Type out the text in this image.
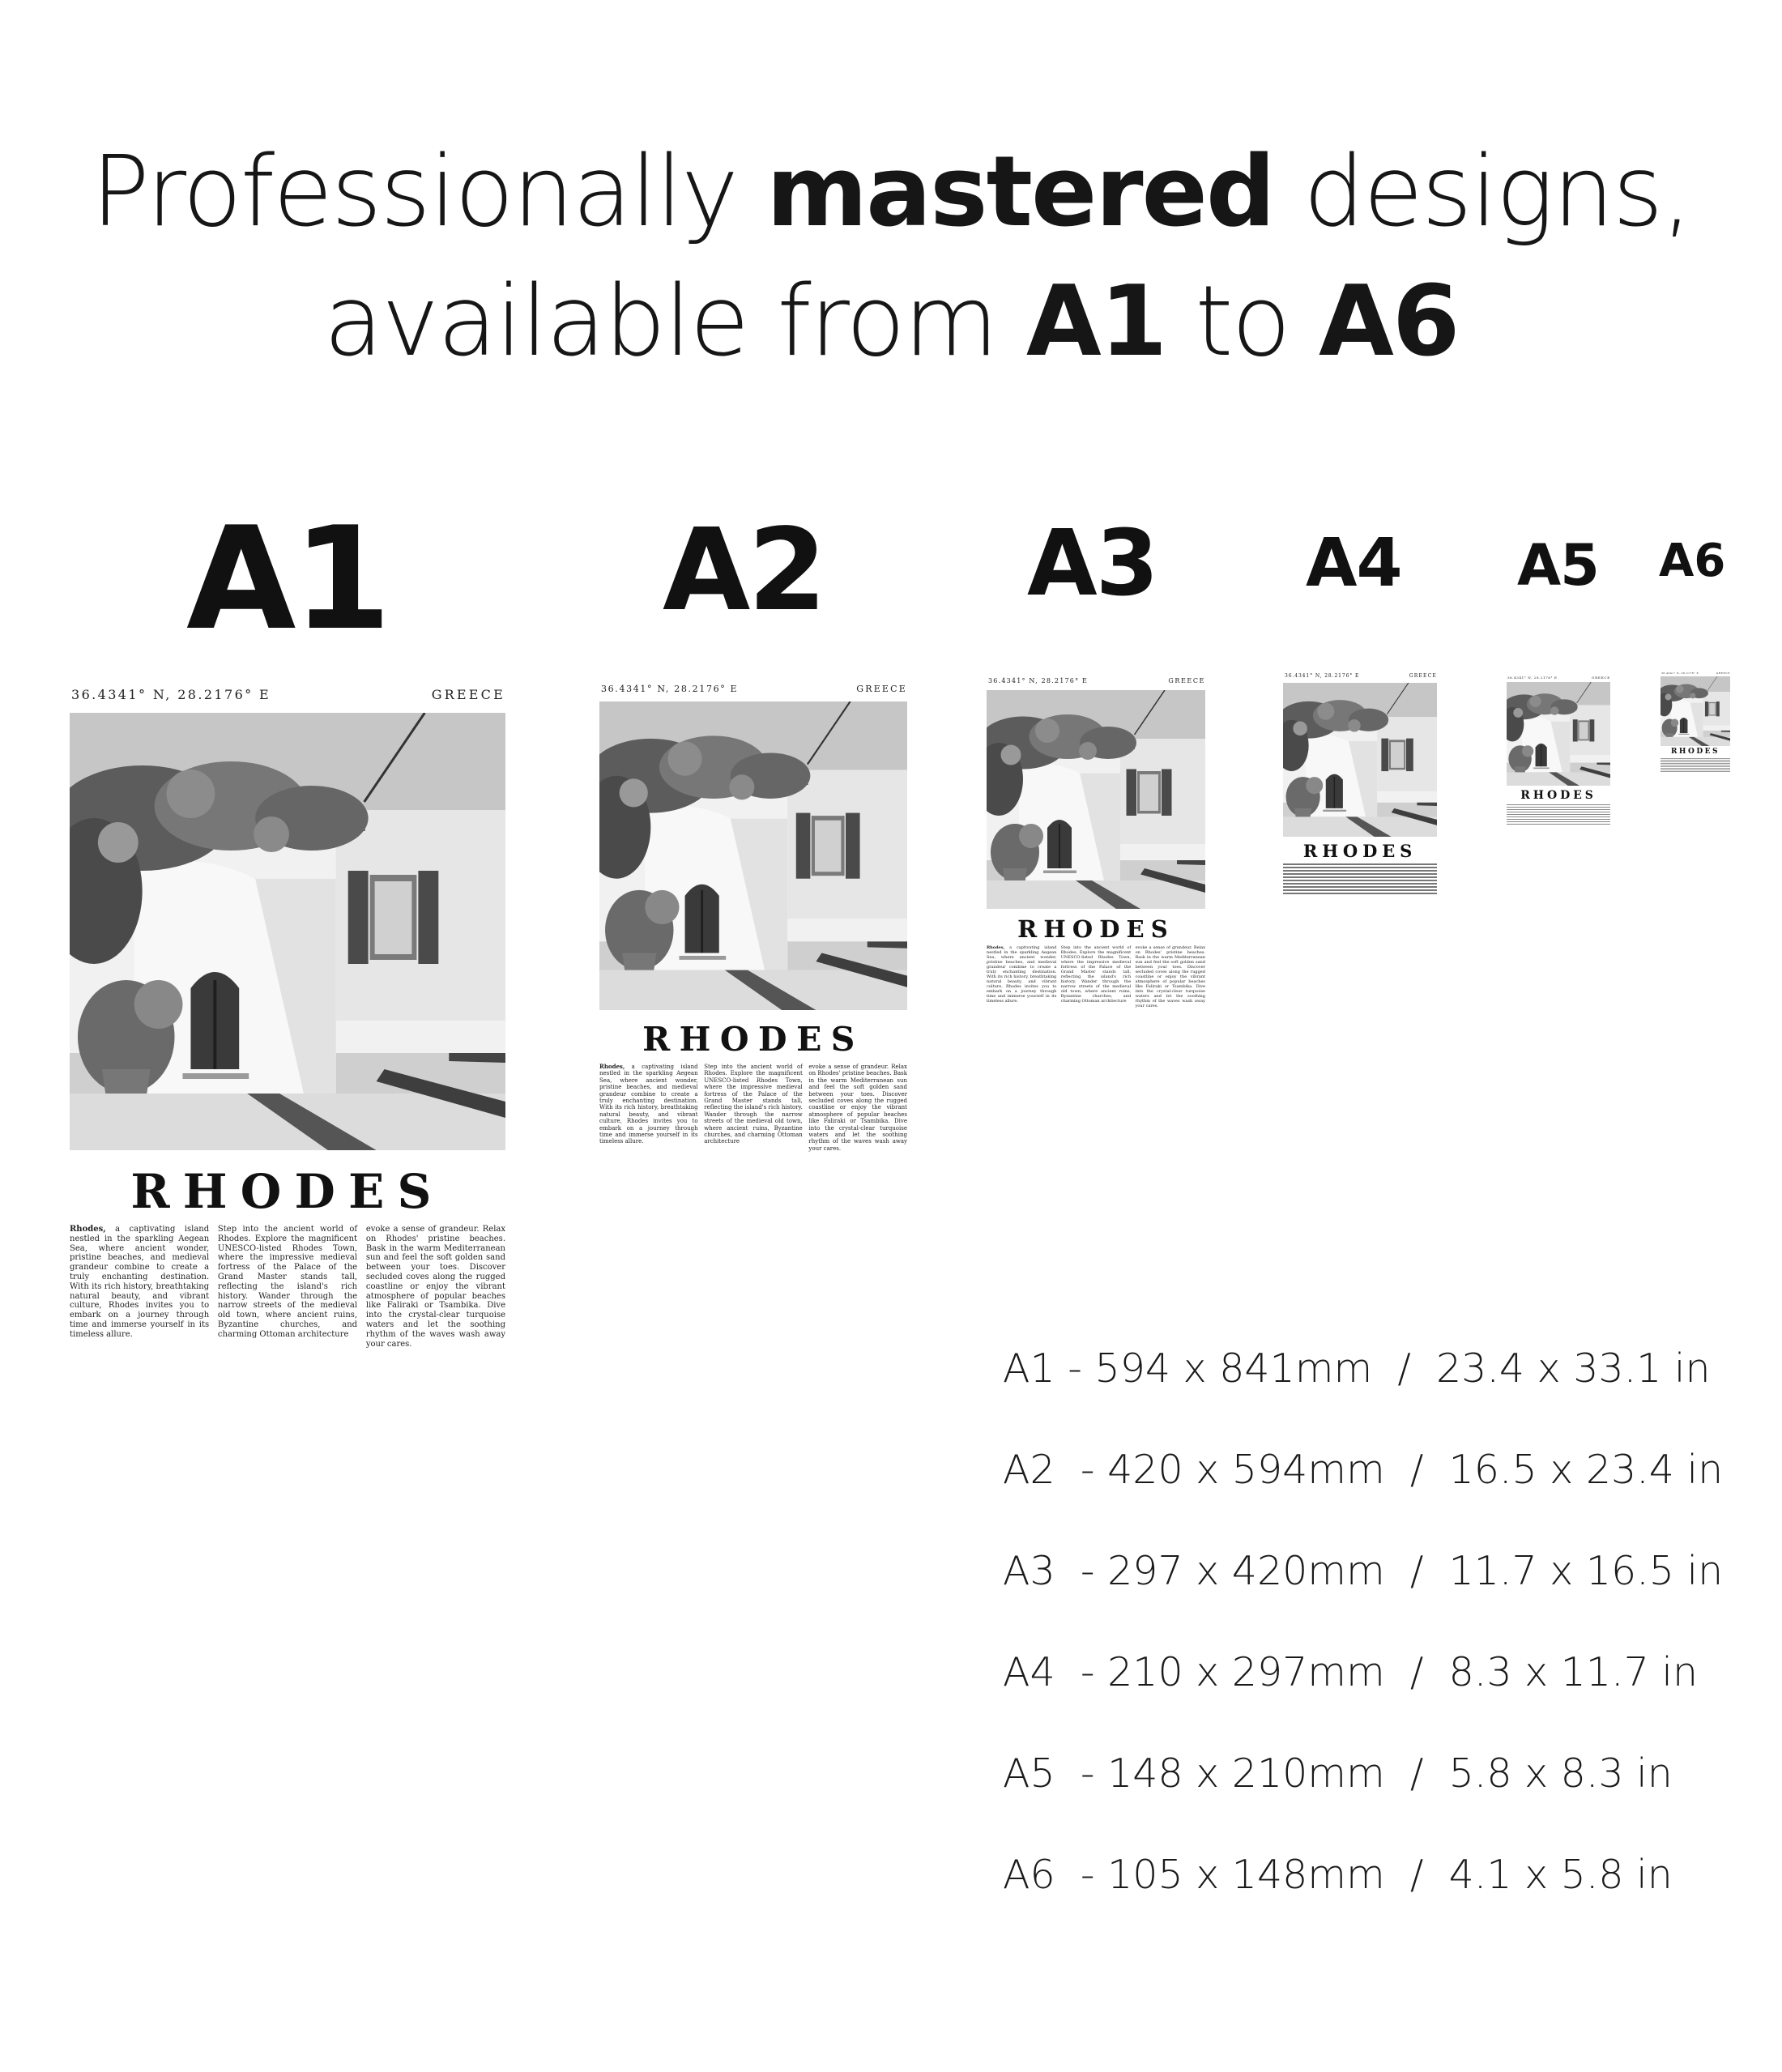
Professionally mastered designs,
available from A1 to A6
A1 A2 A3 A4 A5 A6
36.4341° N, 28.2176° E	GREECE
RHODES
Rhodes, a captivating island nestled in the sparkling Aegean Sea, where ancient wonder, pristine beaches, and medieval grandeur combine to create a truly enchanting destination. With its rich history, breathtaking natural beauty, and vibrant culture, Rhodes invites you to embark on a journey through time and immerse yourself in its timeless allure.
Step into the ancient world of Rhodes. Explore the magnificent UNESCO-listed Rhodes Town, where the impressive medieval fortress of the Palace of the Grand Master stands tall, reflecting the island's rich history. Wander through the narrow streets of the medieval old town, where ancient ruins, Byzantine churches, and charming Ottoman architecture
evoke a sense of grandeur. Relax on Rhodes' pristine beaches. Bask in the warm Mediterranean sun and feel the soft golden sand between your toes. Discover secluded coves along the rugged coastline or enjoy the vibrant atmosphere of popular beaches like Faliraki or Tsambika. Dive into the crystal-clear turquoise waters and let the soothing rhythm of the waves wash away your cares.
36.4341° N, 28.2176° E	GREECE
RHODES
Rhodes, a captivating island nestled in the sparkling Aegean Sea, where ancient wonder, pristine beaches, and medieval grandeur combine to create a truly enchanting destination. With its rich history, breathtaking natural beauty, and vibrant culture, Rhodes invites you to embark on a journey through time and immerse yourself in its timeless allure.
Step into the ancient world of Rhodes. Explore the magnificent UNESCO-listed Rhodes Town, where the impressive medieval fortress of the Palace of the Grand Master stands tall, reflecting the island's rich history. Wander through the narrow streets of the medieval old town, where ancient ruins, Byzantine churches, and charming Ottoman architecture
evoke a sense of grandeur. Relax on Rhodes' pristine beaches. Bask in the warm Mediterranean sun and feel the soft golden sand between your toes. Discover secluded coves along the rugged coastline or enjoy the vibrant atmosphere of popular beaches like Faliraki or Tsambika. Dive into the crystal-clear turquoise waters and let the soothing rhythm of the waves wash away your cares.
36.4341° N, 28.2176° E	GREECE
RHODES
Rhodes, a captivating island nestled in the sparkling Aegean Sea, where ancient wonder, pristine beaches, and medieval grandeur combine to create a truly enchanting destination. With its rich history, breathtaking natural beauty, and vibrant culture, Rhodes invites you to embark on a journey through time and immerse yourself in its timeless allure.
Step into the ancient world of Rhodes. Explore the magnificent UNESCO-listed Rhodes Town, where the impressive medieval fortress of the Palace of the Grand Master stands tall, reflecting the island's rich history. Wander through the narrow streets of the medieval old town, where ancient ruins, Byzantine churches, and charming Ottoman architecture
evoke a sense of grandeur. Relax on Rhodes' pristine beaches. Bask in the warm Mediterranean sun and feel the soft golden sand between your toes. Discover secluded coves along the rugged coastline or enjoy the vibrant atmosphere of popular beaches like Faliraki or Tsambika. Dive into the crystal-clear turquoise waters and let the soothing rhythm of the waves wash away your cares.
36.4341° N, 28.2176° E	GREECE
RHODES
36.4341° N, 28.2176° E	GREECE
RHODES
36.4341° N, 28.2176° E	GREECE
RHODES
A1 - 594 x 841mm  /  23.4 x 33.1 in
A2  - 420 x 594mm  /  16.5 x 23.4 in
A3  - 297 x 420mm  /  11.7 x 16.5 in
A4  - 210 x 297mm  /  8.3 x 11.7 in
A5  - 148 x 210mm  /  5.8 x 8.3 in
A6  - 105 x 148mm  /  4.1 x 5.8 in
